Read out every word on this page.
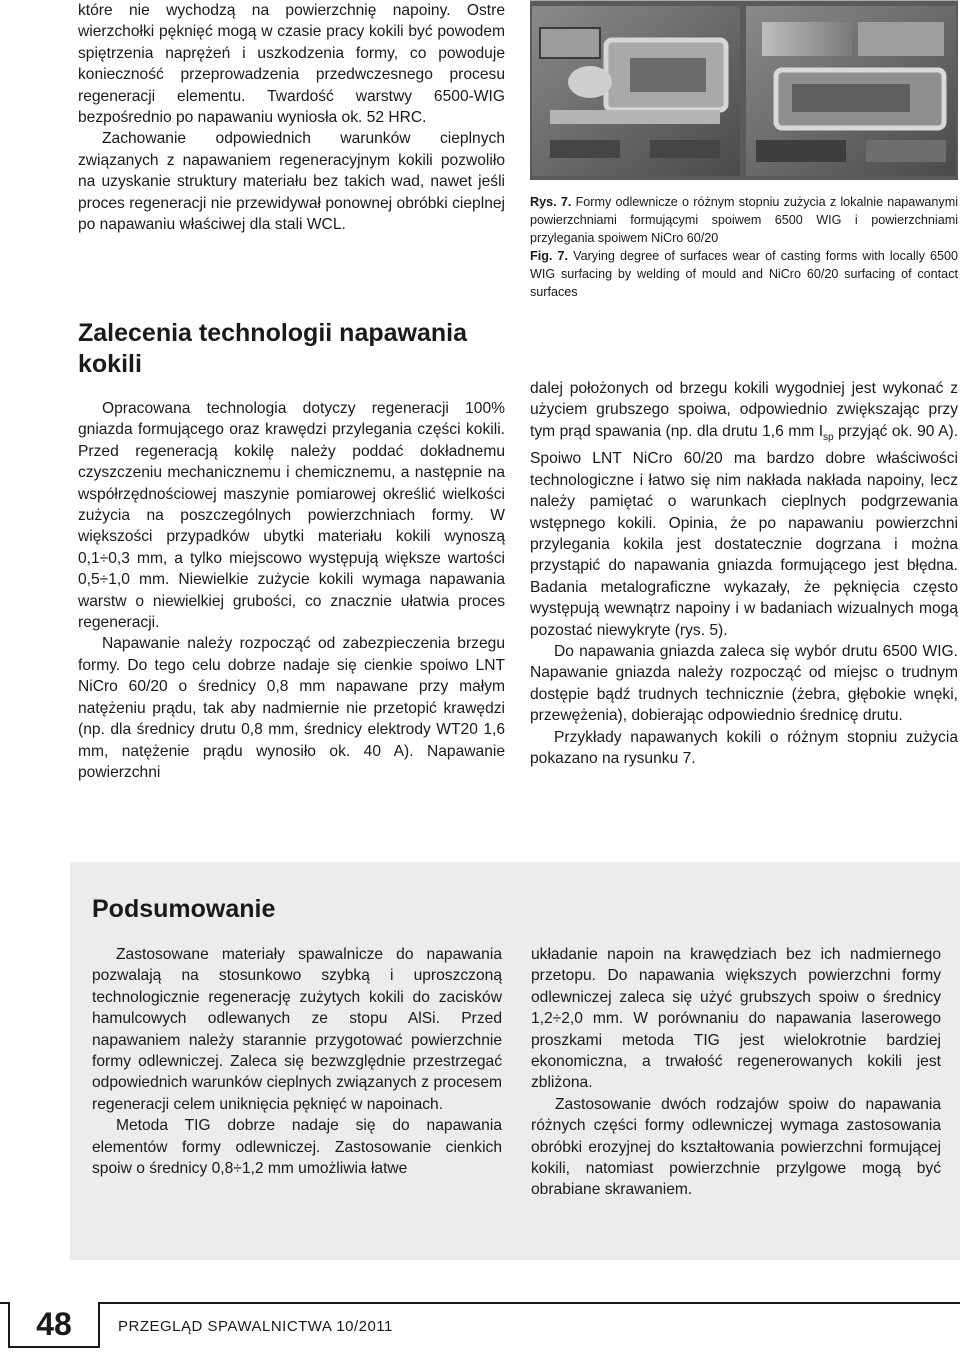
które nie wychodzą na powierzchnię napoiny. Ostre wierzchołki pęknięć mogą w czasie pracy kokili być powodem spiętrzenia naprężeń i uszkodzenia formy, co powoduje konieczność przeprowadzenia przedwczesnego procesu regeneracji elementu. Twardość warstwy 6500-WIG bezpośrednio po napawaniu wyniosła ok. 52 HRC.

Zachowanie odpowiednich warunków cieplnych związanych z napawaniem regeneracyjnym kokili pozwoliło na uzyskanie struktury materiału bez takich wad, nawet jeśli proces regeneracji nie przewidywał ponownej obróbki cieplnej po napawaniu właściwej dla stali WCL.

Zalecenia technologii napawania kokili

Opracowana technologia dotyczy regeneracji 100% gniazda formującego oraz krawędzi przylegania części kokili. Przed regeneracją kokilę należy poddać dokładnemu czyszczeniu mechanicznemu i chemicznemu, a następnie na współrzędnościowej maszynie pomiarowej określić wielkości zużycia na poszczególnych powierzchniach formy. W większości przypadków ubytki materiału kokili wynoszą 0,1÷0,3 mm, a tylko miejscowo występują większe wartości 0,5÷1,0 mm. Niewielkie zużycie kokili wymaga napawania warstw o niewielkiej grubości, co znacznie ułatwia proces regeneracji.

Napawanie należy rozpocząć od zabezpieczenia brzegu formy. Do tego celu dobrze nadaje się cienkie spoiwo LNT NiCro 60/20 o średnicy 0,8 mm napawane przy małym natężeniu prądu, tak aby nadmiernie nie przetopić krawędzi (np. dla średnicy drutu 0,8 mm, średnicy elektrody WT20 1,6 mm, natężenie prądu wynosiło ok. 40 A). Napawanie powierzchni

Rys. 7. Formy odlewnicze o różnym stopniu zużycia z lokalnie napawanymi powierzchniami formującymi spoiwem 6500 WIG i powierzchniami przylegania spoiwem NiCro 60/20

Fig. 7. Varying degree of surfaces wear of casting forms with locally 6500 WIG surfacing by welding of mould and NiCro 60/20 surfacing of contact surfaces

dalej położonych od brzegu kokili wygodniej jest wykonać z użyciem grubszego spoiwa, odpowiednio zwiększając przy tym prąd spawania (np. dla drutu 1,6 mm $I_{sp}$ przyjąć ok. 90 A). Spoiwo LNT NiCro 60/20 ma bardzo dobre właściwości technologiczne i łatwo się nim nakłada nakłada napoiny, lecz należy pamiętać o warunkach cieplnych podgrzewania wstępnego kokili. Opinia, że po napawaniu powierzchni przylegania kokila jest dostatecznie dogrzana i można przystąpić do napawania gniazda formującego jest błędna. Badania metalograficzne wykazały, że pęknięcia często występują wewnątrz napoiny i w badaniach wizualnych mogą pozostać niewykryte (rys. 5).

Do napawania gniazda zaleca się wybór drutu 6500 WIG. Napawanie gniazda należy rozpocząć od miejsc o trudnym dostępie bądź trudnych technicznie (żebra, głębokie wnęki, przewężenia), dobierając odpowiednio średnicę drutu.

Przykłady napawanych kokili o różnym stopniu zużycia pokazano na rysunku 7.

Podsumowanie

Zastosowane materiały spawalnicze do napawania pozwalają na stosunkowo szybką i uproszczoną technologicznie regenerację zużytych kokili do zacisków hamulcowych odlewanych ze stopu AlSi. Przed napawaniem należy starannie przygotować powierzchnie formy odlewniczej. Zaleca się bezwzględnie przestrzegać odpowiednich warunków cieplnych związanych z procesem regeneracji celem uniknięcia pęknięć w napoinach.

Metoda TIG dobrze nadaje się do napawania elementów formy odlewniczej. Zastosowanie cienkich spoiw o średnicy 0,8÷1,2 mm umożliwia łatwe

układanie napoin na krawędziach bez ich nadmiernego przetopu. Do napawania większych powierzchni formy odlewniczej zaleca się użyć grubszych spoiw o średnicy 1,2÷2,0 mm. W porównaniu do napawania laserowego proszkami metoda TIG jest wielokrotnie bardziej ekonomiczna, a trwałość regenerowanych kokili jest zbliżona.

Zastosowanie dwóch rodzajów spoiw do napawania różnych części formy odlewniczej wymaga zastosowania obróbki erozyjnej do kształtowania powierzchni formującej kokili, natomiast powierzchnie przylgowe mogą być obrabiane skrawaniem.

48	PRZEGLĄD SPAWALNICTWA 10/2011
